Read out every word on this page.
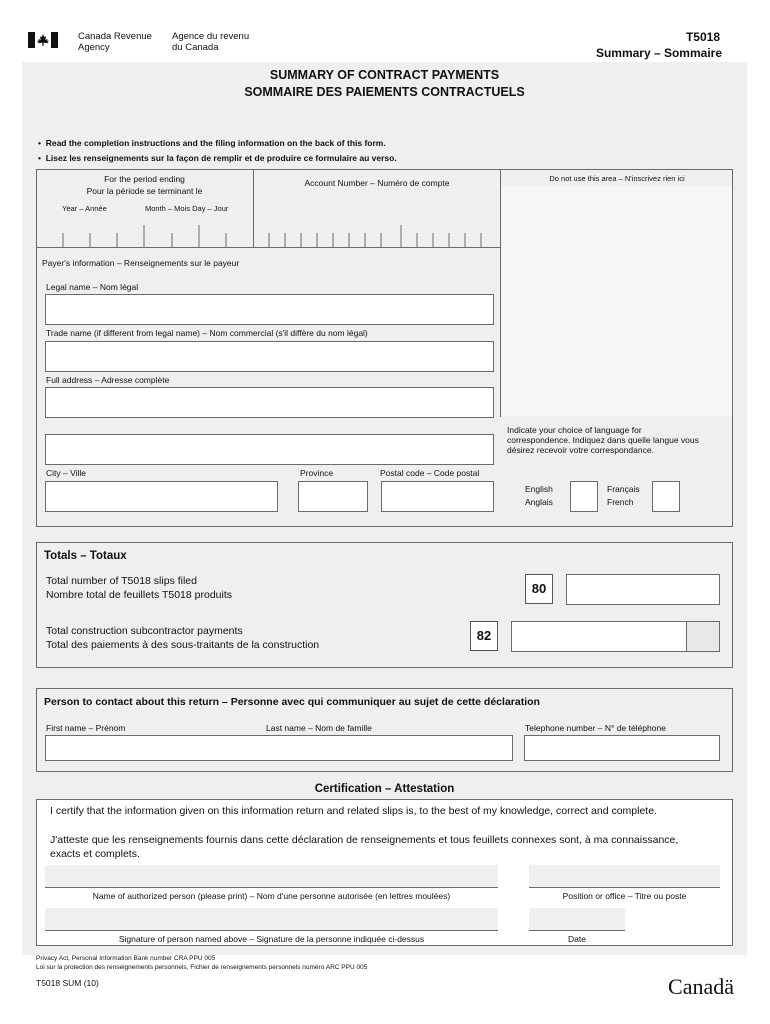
Canada Revenue Agency
Agence du revenu du Canada
T5018
Summary – Sommaire
SUMMARY OF CONTRACT PAYMENTS
SOMMAIRE DES PAIEMENTS CONTRACTUELS
•  Read the completion instructions and the filing information on the back of this form.
•  Lisez les renseignements sur la façon de remplir et de produire ce formulaire au verso.
For the period ending
Pour la période se terminant le
Year – Année	Month – Mois Day – Jour
Account Number – Numéro de compte	Do not use this area – N'inscrivez rien ici
Payer's information – Renseignements sur le payeur
Legal name – Nom légal
Trade name (if different from legal name) – Nom commercial (s'il diffère du nom légal)
Full address – Adresse complète
City – Ville	Province	Postal code – Code postal
Indicate your choice of language for correspondence. Indiquez dans quelle langue vous désirez recevoir votre correspondance.
English
Anglais
Français
French
Totals – Totaux
Total number of T5018 slips filed
Nombre total de feuillets T5018 produits	80
Total construction subcontractor payments
Total des paiements à des sous-traitants de la construction
82
Person to contact about this return – Personne avec qui communiquer au sujet de cette déclaration
First name – Prénom	Last name – Nom de famille	Telephone number – N° de téléphone
Certification – Attestation
I certify that the information given on this information return and related slips is, to the best of my knowledge, correct and complete.
J'atteste que les renseignements fournis dans cette déclaration de renseignements et tous feuillets connexes sont, à ma connaissance, exacts et complets.
Name of authorized person (please print) – Nom d'une personne autorisée (en lettres moulées)	Position or office – Titre ou poste
Signature of person named above – Signature de la personne indiquée ci-dessus	Date
Privacy Act, Personal Information Bank number CRA PPU 005
Loi sur la protection des renseignements personnels, Fichier de renseignements personnels numéro ARC PPU 005
T5018 SUM (10)	Canadä
